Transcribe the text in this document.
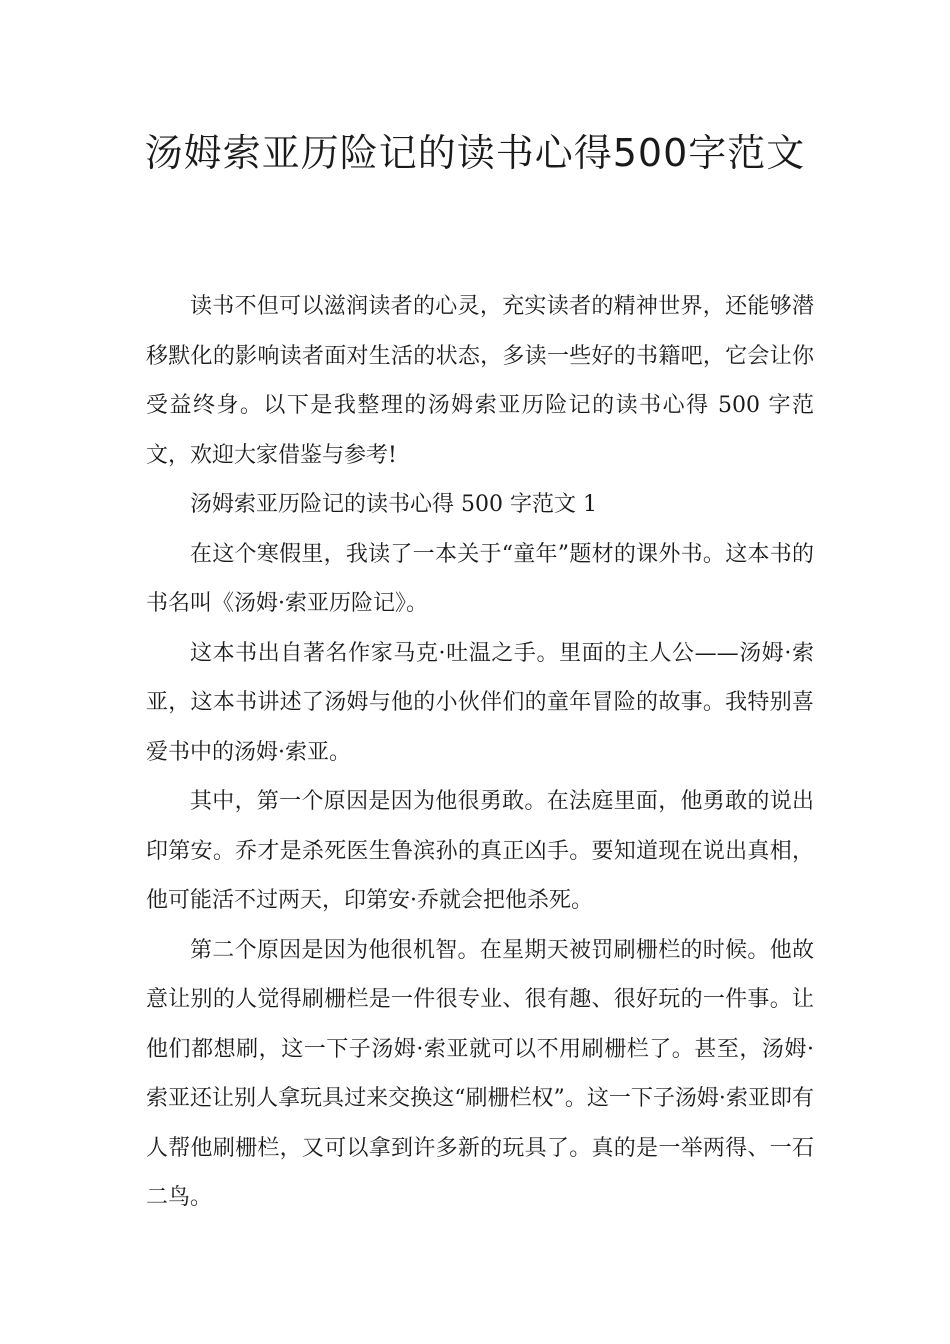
汤姆索亚历险记的读书心得500字范文

读书不但可以滋润读者的心灵，充实读者的精神世界，还能够潜移默化的影响读者面对生活的状态，多读一些好的书籍吧，它会让你受益终身。以下是我整理的汤姆索亚历险记的读书心得 500 字范文，欢迎大家借鉴与参考!

汤姆索亚历险记的读书心得 500 字范文 1

在这个寒假里，我读了一本关于“童年”题材的课外书。这本书的书名叫《汤姆·索亚历险记》。

这本书出自著名作家马克·吐温之手。里面的主人公——汤姆·索亚，这本书讲述了汤姆与他的小伙伴们的童年冒险的故事。我特别喜爱书中的汤姆·索亚。

其中，第一个原因是因为他很勇敢。在法庭里面，他勇敢的说出印第安。乔才是杀死医生鲁滨孙的真正凶手。要知道现在说出真相，他可能活不过两天，印第安·乔就会把他杀死。

第二个原因是因为他很机智。在星期天被罚刷栅栏的时候。他故意让别的人觉得刷栅栏是一件很专业、很有趣、很好玩的一件事。让他们都想刷，这一下子汤姆·索亚就可以不用刷栅栏了。甚至，汤姆·索亚还让别人拿玩具过来交换这“刷栅栏权”。这一下子汤姆·索亚即有人帮他刷栅栏，又可以拿到许多新的玩具了。真的是一举两得、一石二鸟。
